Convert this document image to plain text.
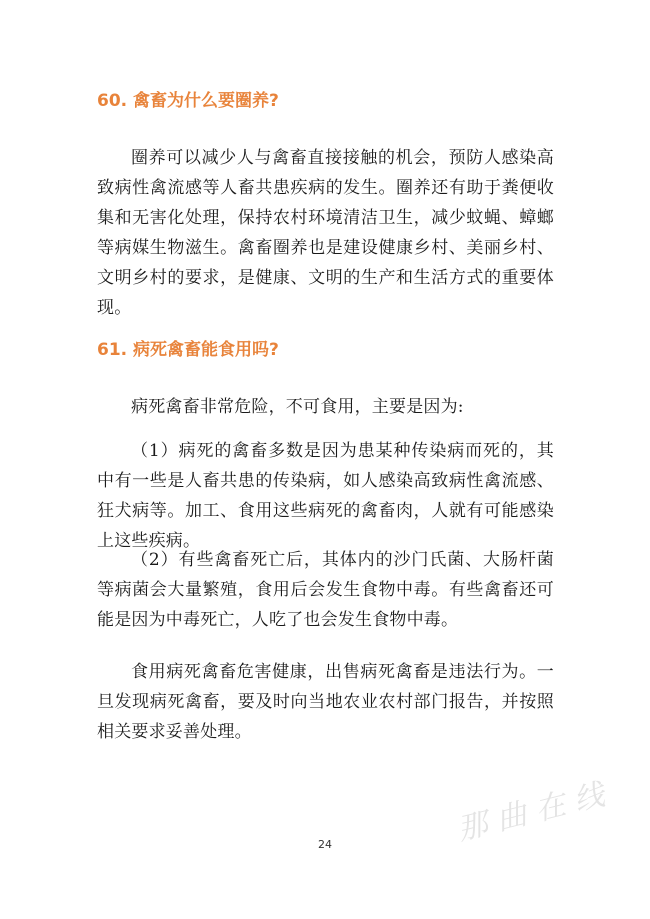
60. 禽畜为什么要圈养?

圈养可以减少人与禽畜直接接触的机会，预防人感染高致病性禽流感等人畜共患疾病的发生。圈养还有助于粪便收集和无害化处理，保持农村环境清洁卫生，减少蚊蝇、蟑螂等病媒生物滋生。禽畜圈养也是建设健康乡村、美丽乡村、文明乡村的要求，是健康、文明的生产和生活方式的重要体现。

61. 病死禽畜能食用吗?

病死禽畜非常危险，不可食用，主要是因为:

（1）病死的禽畜多数是因为患某种传染病而死的，其中有一些是人畜共患的传染病，如人感染高致病性禽流感、狂犬病等。加工、食用这些病死的禽畜肉，人就有可能感染上这些疾病。

（2）有些禽畜死亡后，其体内的沙门氏菌、大肠杆菌等病菌会大量繁殖，食用后会发生食物中毒。有些禽畜还可能是因为中毒死亡，人吃了也会发生食物中毒。

食用病死禽畜危害健康，出售病死禽畜是违法行为。一旦发现病死禽畜，要及时向当地农业农村部门报告，并按照相关要求妥善处理。

24	那曲在线
